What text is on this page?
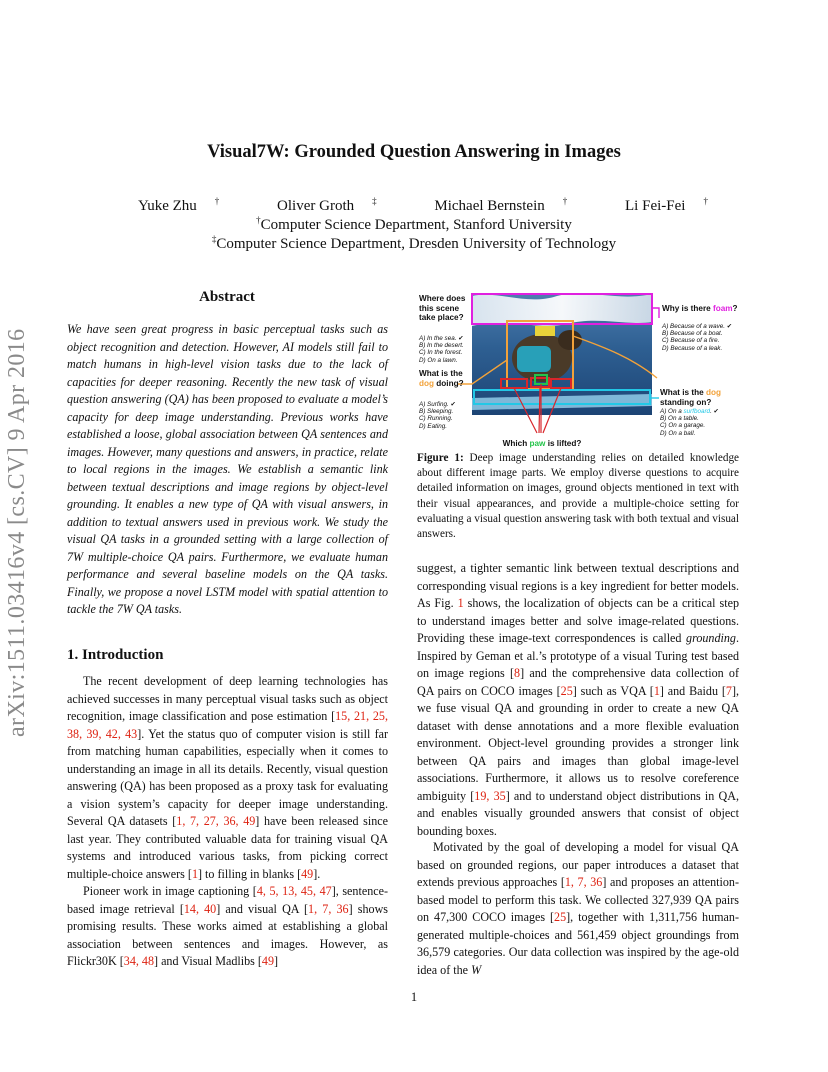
arXiv:1511.03416v4 [cs.CV] 9 Apr 2016
Visual7W: Grounded Question Answering in Images
Yuke Zhu †	Oliver Groth ‡	Michael Bernstein †	Li Fei-Fei †
†Computer Science Department, Stanford University
‡Computer Science Department, Dresden University of Technology
Abstract
We have seen great progress in basic perceptual tasks such as object recognition and detection. However, AI models still fail to match humans in high-level vision tasks due to the lack of capacities for deeper reasoning. Recently the new task of visual question answering (QA) has been proposed to evaluate a model’s capacity for deep image understanding. Previous works have established a loose, global association between QA sentences and images. However, many questions and answers, in practice, relate to local regions in the images. We establish a semantic link between textual descriptions and image regions by object-level grounding. It enables a new type of QA with visual answers, in addition to textual answers used in previous work. We study the visual QA tasks in a grounded setting with a large collection of 7W multiple-choice QA pairs. Furthermore, we evaluate human performance and several baseline models on the QA tasks. Finally, we propose a novel LSTM model with spatial attention to tackle the 7W QA tasks.
1. Introduction
The recent development of deep learning technologies has achieved successes in many perceptual visual tasks such as object recognition, image classification and pose estimation [15, 21, 25, 38, 39, 42, 43]. Yet the status quo of computer vision is still far from matching human capabilities, especially when it comes to understanding an image in all its details. Recently, visual question answering (QA) has been proposed as a proxy task for evaluating a vision system’s capacity for deeper image understanding. Several QA datasets [1, 7, 27, 36, 49] have been released since last year. They contributed valuable data for training visual QA systems and introduced various tasks, from picking correct multiple-choice answers [1] to filling in blanks [49].
Pioneer work in image captioning [4, 5, 13, 45, 47], sentence-based image retrieval [14, 40] and visual QA [1, 7, 36] shows promising results. These works aimed at establishing a global association between sentences and images. However, as Flickr30K [34, 48] and Visual Madlibs [49]
Where does this scene take place?
A) In the sea. ✔
B) In the desert.
C) In the forest.
D) On a lawn.
What is the dog doing?
A) Surfing. ✔
B) Sleeping.
C) Running.
D) Eating.
Why is there foam?
A) Because of a wave. ✔
B) Because of a boat.
C) Because of a fire.
D) Because of a leak.
What is the dog standing on?
A) On a surfboard. ✔
B) On a table.
C) On a garage.
D) On a ball.
Which paw is lifted?
Figure 1: Deep image understanding relies on detailed knowledge about different image parts. We employ diverse questions to acquire detailed information on images, ground objects mentioned in text with their visual appearances, and provide a multiple-choice setting for evaluating a visual question answering task with both textual and visual answers.
suggest, a tighter semantic link between textual descriptions and corresponding visual regions is a key ingredient for better models. As Fig. 1 shows, the localization of objects can be a critical step to understand images better and solve image-related questions. Providing these image-text correspondences is called grounding. Inspired by Geman et al.’s prototype of a visual Turing test based on image regions [8] and the comprehensive data collection of QA pairs on COCO images [25] such as VQA [1] and Baidu [7], we fuse visual QA and grounding in order to create a new QA dataset with dense annotations and a more flexible evaluation environment. Object-level grounding provides a stronger link between QA pairs and images than global image-level associations. Furthermore, it allows us to resolve coreference ambiguity [19, 35] and to understand object distributions in QA, and enables visually grounded answers that consist of object bounding boxes.
Motivated by the goal of developing a model for visual QA based on grounded regions, our paper introduces a dataset that extends previous approaches [1, 7, 36] and proposes an attention-based model to perform this task. We collected 327,939 QA pairs on 47,300 COCO images [25], together with 1,311,756 human-generated multiple-choices and 561,459 object groundings from 36,579 categories. Our data collection was inspired by the age-old idea of the W
1
